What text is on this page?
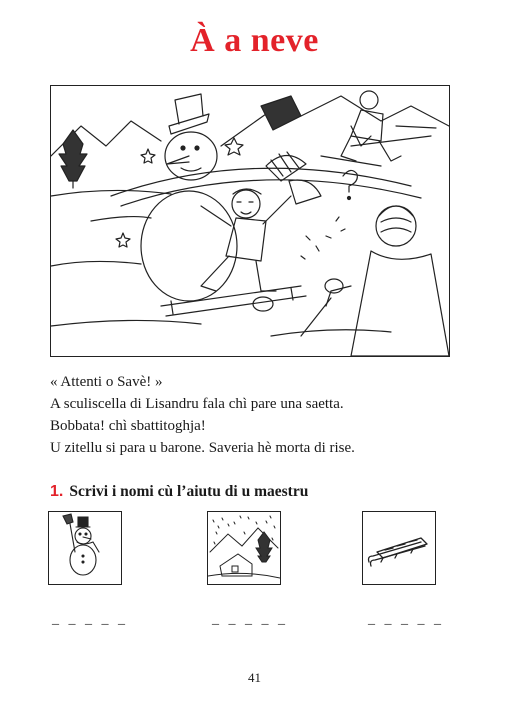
À a neve
« Attenti o Savè! »
A sculiscella di Lisandru fala chì pare una saetta.
Bobbata! chì sbattitoghja!
U zitellu si para u barone. Saveria hè morta di rise.
1. Scrivi i nomi cù l’aiutu di u maestru
_ _ _ _ _	_ _ _ _ _	_ _ _ _ _
41
